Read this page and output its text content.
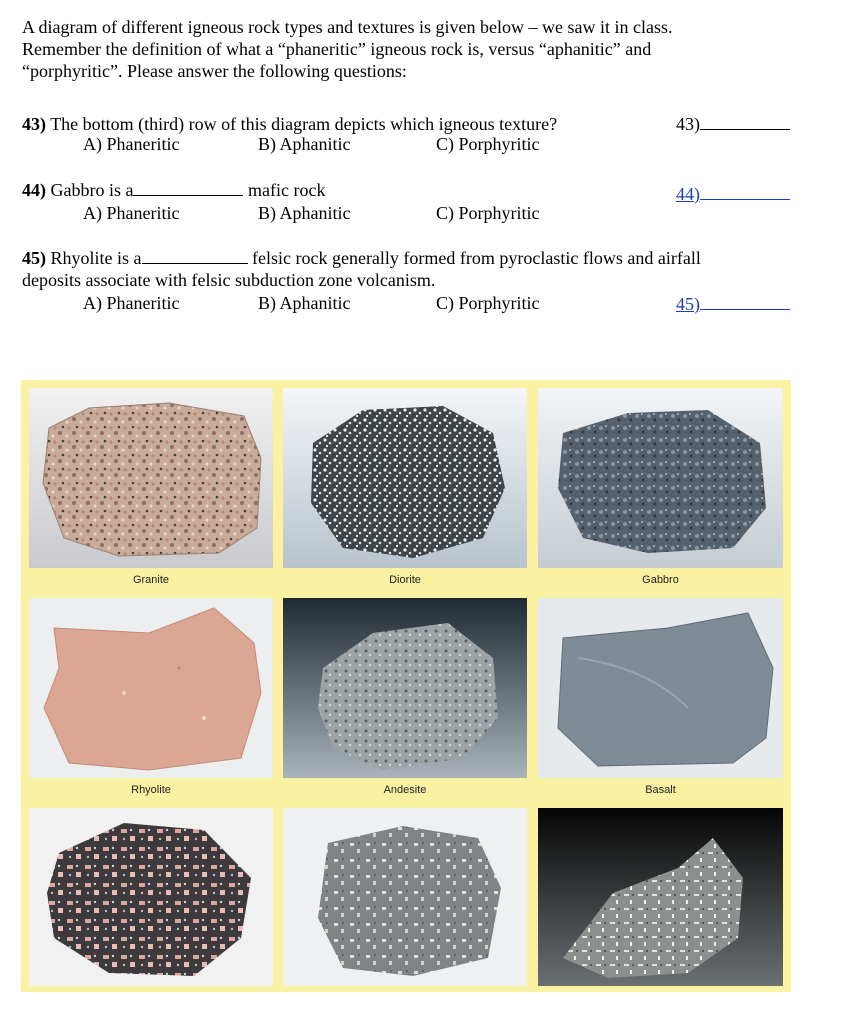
A diagram of different igneous rock types and textures is given below – we saw it in class.

Remember the definition of what a “phaneritic” igneous rock is, versus “aphanitic” and

“porphyritic”. Please answer the following questions:

43) The bottom (third) row of this diagram depicts which igneous texture?
A) Phaneritic	B) Aphanitic	C) Porphyritic
43)
44) Gabbro is a	mafic rock
A) Phaneritic	B) Aphanitic	C) Porphyritic
44)
45) Rhyolite is a	felsic rock generally formed from pyroclastic flows and airfall
deposits associate with felsic subduction zone volcanism.
A) Phaneritic	B) Aphanitic	C) Porphyritic	45)
Granite	Diorite	Gabbro
Rhyolite	Andesite	Basalt
